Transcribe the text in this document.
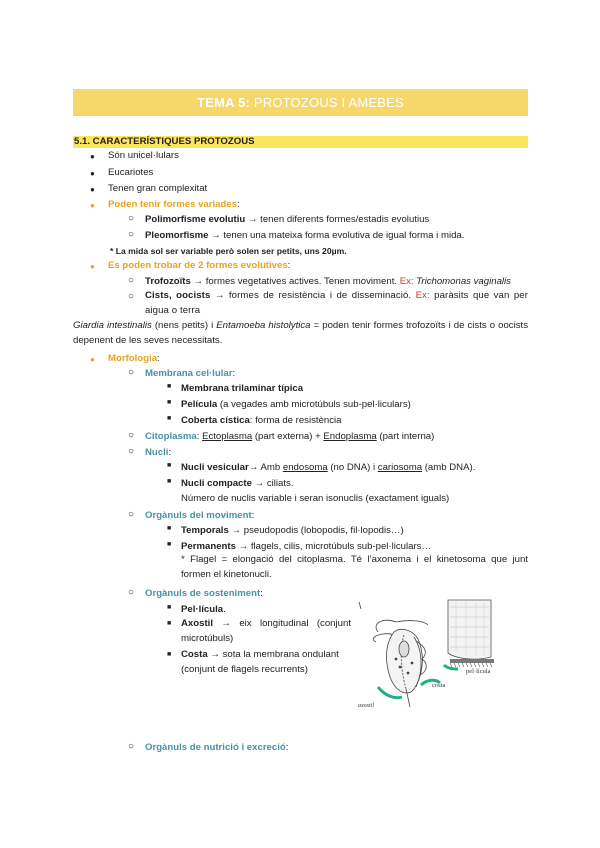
TEMA 5: PROTOZOUS I AMEBES
5.1. CARACTERÍSTIQUES PROTOZOUS
● Són unicel·lulars
● Eucariotes
● Tenen gran complexitat
● Poden tenir formes variades:
○ Polimorfisme evolutiu → tenen diferents formes/estadis evolutius
○ Pleomorfisme → tenen una mateixa forma evolutiva de igual forma i mida.
* La mida sol ser variable però solen ser petits, uns 20µm.
● Es poden trobar de 2 formes evolutives:
○ Trofozoïts → formes vegetatives actives. Tenen moviment. Ex: Trichomonas vaginalis
○ Cists, oocists → formes de resistència i de disseminació. Ex: paràsits que van per aigua o terra
Giardia intestinalis (nens petits) i Entamoeba histolytica = poden tenir formes trofozoïts i de cists o oocists depenent de les seves necessitats.
● Morfologia:
○ Membrana cel·lular:
■ Membrana trilaminar típica
■ Película (a vegades amb microtúbuls sub-pel·liculars)
■ Coberta cística: forma de resistència
○ Citoplasma: Ectoplasma (part externa) + Endoplasma (part interna)
○ Nucli:
■ Nucli vesicular→ Amb endosoma (no DNA) i cariosoma (amb DNA).
■ Nucli compacte → ciliats.
Número de nuclis variable i seran isonuclis (exactament iguals)
○ Orgànuls del moviment:
■ Temporals → pseudopodis (lobopodis, fil·lopodis…)
■ Permanents → flagels, cilis, microtúbuls sub-pel·liculars…
* Flagel = elongació del citoplasma. Té l’axonema i el kinetosoma que junt formen el kinetonucli.
○ Orgànuls de sosteniment:
■ Pel·lícula.
■ Axostil → eix longitudinal (conjunt microtúbuls)
■ Costa → sota la membrana ondulant (conjunt de flagels recurrents)
○ Orgànuls de nutrició i excreció:
costa
pel·lícula
axostil
